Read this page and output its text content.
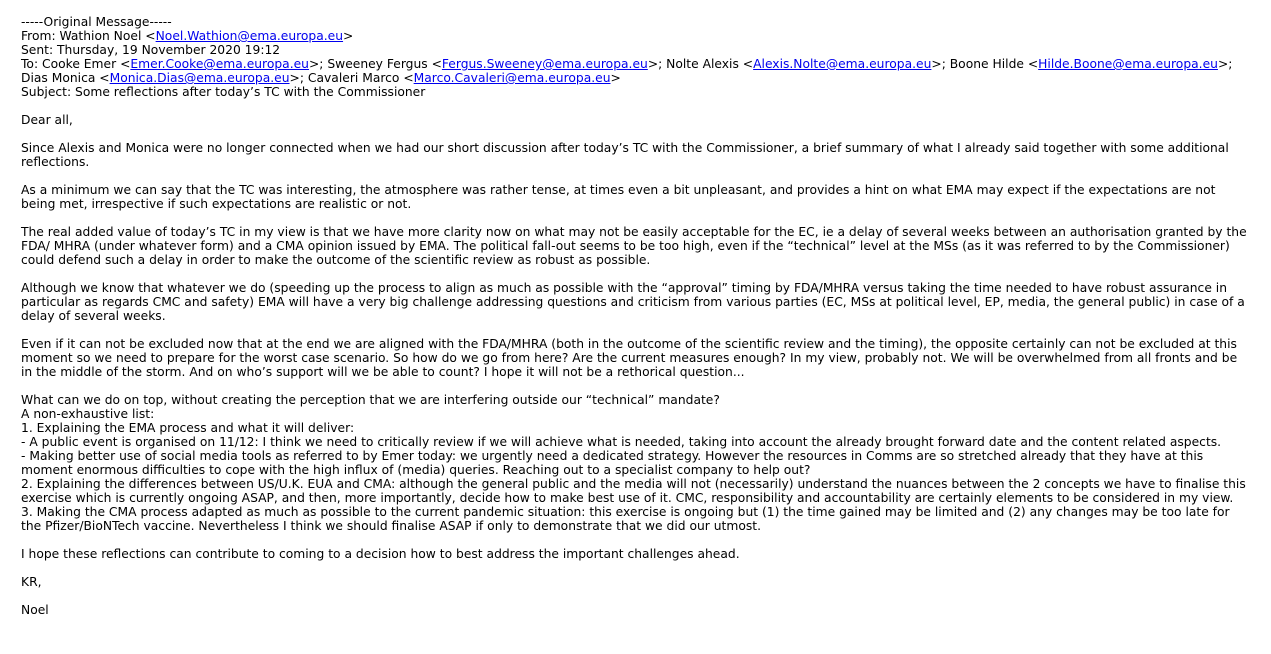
-----Original Message-----
From: Wathion Noel <Noel.Wathion@ema.europa.eu>
Sent: Thursday, 19 November 2020 19:12
To: Cooke Emer <Emer.Cooke@ema.europa.eu>; Sweeney Fergus <Fergus.Sweeney@ema.europa.eu>; Nolte Alexis <Alexis.Nolte@ema.europa.eu>; Boone Hilde <Hilde.Boone@ema.europa.eu>; Dias Monica <Monica.Dias@ema.europa.eu>; Cavaleri Marco <Marco.Cavaleri@ema.europa.eu>
Subject: Some reflections after today’s TC with the Commissioner

Dear all,

Since Alexis and Monica were no longer connected when we had our short discussion after today’s TC with the Commissioner, a brief summary of what I already said together with some additional reflections.

As a minimum we can say that the TC was interesting, the atmosphere was rather tense, at times even a bit unpleasant, and provides a hint on what EMA may expect if the expectations are not being met, irrespective if such expectations are realistic or not.

The real added value of today’s TC in my view is that we have more clarity now on what may not be easily acceptable for the EC, ie a delay of several weeks between an authorisation granted by the FDA/ MHRA (under whatever form) and a CMA opinion issued by EMA. The political fall-out seems to be too high, even if the “technical” level at the MSs (as it was referred to by the Commissioner) could defend such a delay in order to make the outcome of the scientific review as robust as possible.

Although we know that whatever we do (speeding up the process to align as much as possible with the “approval” timing by FDA/MHRA versus taking the time needed to have robust assurance in particular as regards CMC and safety) EMA will have a very big challenge addressing questions and criticism from various parties (EC, MSs at political level, EP, media, the general public) in case of a delay of several weeks.

Even if it can not be excluded now that at the end we are aligned with the FDA/MHRA (both in the outcome of the scientific review and the timing), the opposite certainly can not be excluded at this moment so we need to prepare for the worst case scenario. So how do we go from here? Are the current measures enough? In my view, probably not. We will be overwhelmed from all fronts and be in the middle of the storm. And on who’s support will we be able to count? I hope it will not be a rethorical question...

What can we do on top, without creating the perception that we are interfering outside our “technical” mandate?

A non-exhaustive list:

1. Explaining the EMA process and what it will deliver:

- A public event is organised on 11/12: I think we need to critically review if we will achieve what is needed, taking into account the already brought forward date and the content related aspects.

- Making better use of social media tools as referred to by Emer today: we urgently need a dedicated strategy. However the resources in Comms are so stretched already that they have at this moment enormous difficulties to cope with the high influx of (media) queries. Reaching out to a specialist company to help out?

2. Explaining the differences between US/U.K. EUA and CMA: although the general public and the media will not (necessarily) understand the nuances between the 2 concepts we have to finalise this exercise which is currently ongoing ASAP, and then, more importantly, decide how to make best use of it. CMC, responsibility and accountability are certainly elements to be considered in my view.

3. Making the CMA process adapted as much as possible to the current pandemic situation: this exercise is ongoing but (1) the time gained may be limited and (2) any changes may be too late for the Pfizer/BioNTech vaccine. Nevertheless I think we should finalise ASAP if only to demonstrate that we did our utmost.

I hope these reflections can contribute to coming to a decision how to best address the important challenges ahead.

KR,

Noel
